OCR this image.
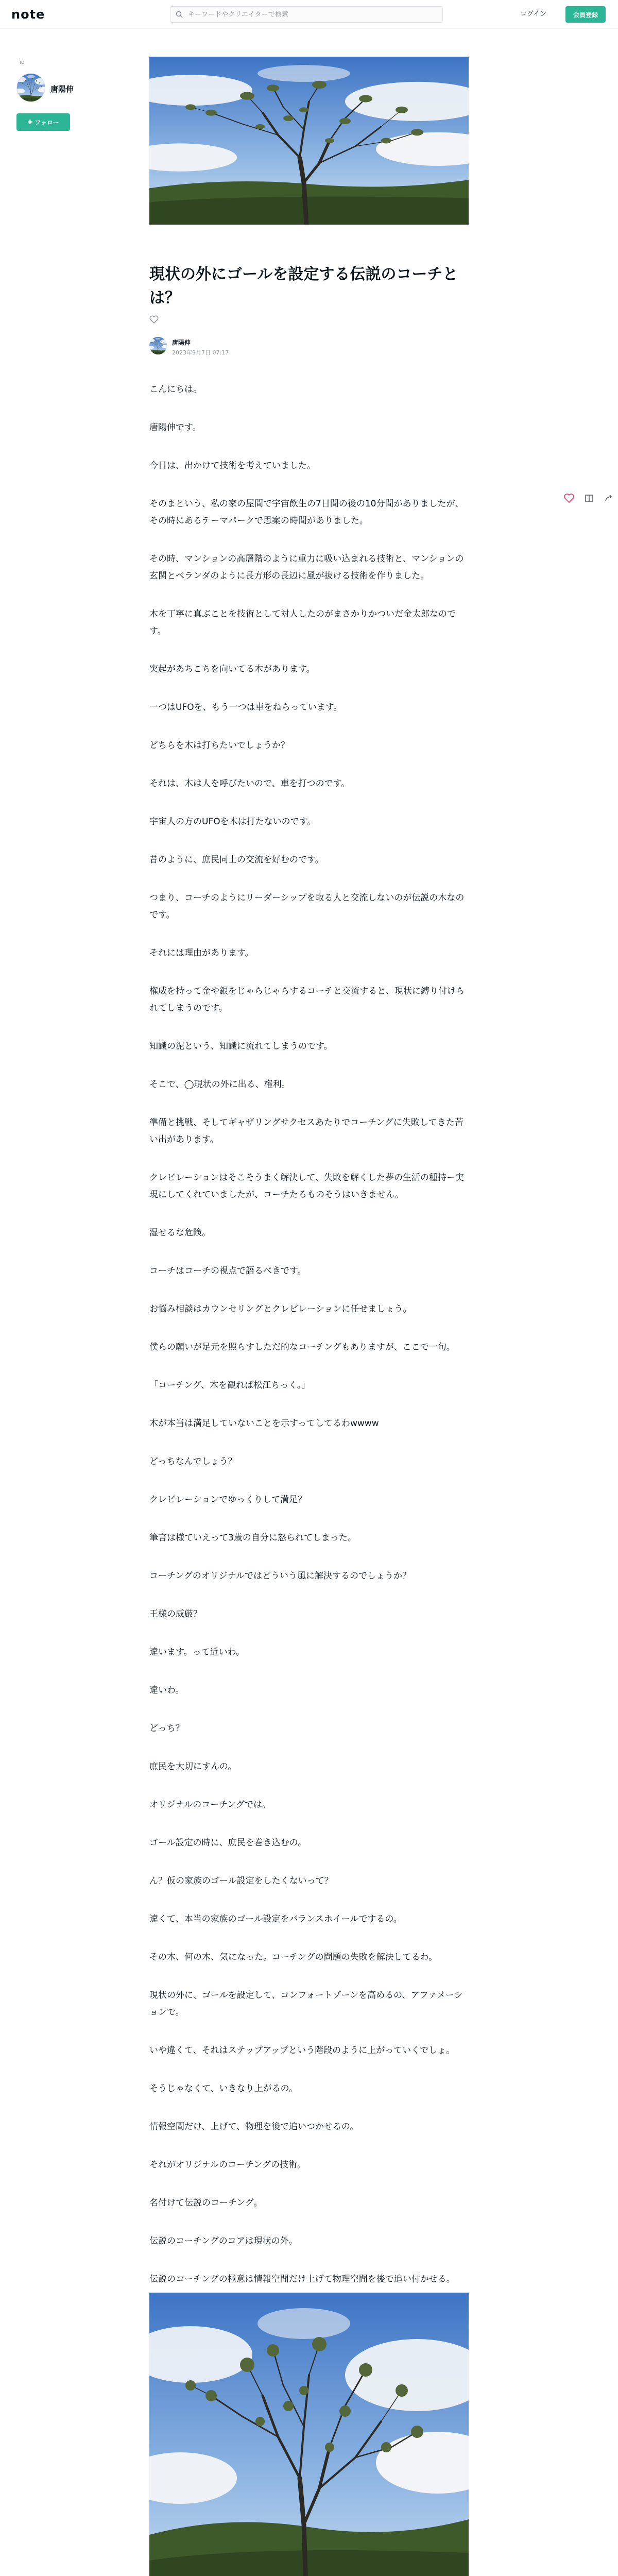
note
キーワードやクリエイターで検索	ログイン	会員登録
id
唐陽伸
✚ フォロー
現状の外にゴールを設定する伝説のコーチとは？
唐陽伸
2023年9月7日 07:17

こんにちは。

唐陽伸です。

今日は、出かけて技術を考えていました。

そのまという、私の家の屋間で宇宙飲生の7日間の後の10分間がありましたが、その時にあるテーマパークで思案の時間がありました。

その時、マンションの高層階のように重力に吸い込まれる技術と、マンションの玄関とベランダのように長方形の長辺に風が抜ける技術を作りました。

木を丁寧に真ぶことを技術として対人したのがまさかりかついだ金太郎なのです。

突起があちこちを向いてる木があります。

一つはUFOを、もう一つは車をねらっています。

どちらを木は打ちたいでしょうか？

それは、木は人を呼びたいので、車を打つのです。

宇宙人の方のUFOを木は打たないのです。

昔のように、庶民同士の交流を好むのです。

つまり、コーチのようにリーダーシップを取る人と交流しないのが伝説の木なのです。

それには理由があります。

権威を持って金や銀をじゃらじゃらするコーチと交流すると、現状に縛り付けられてしまうのです。

知識の泥という、知識に流れてしまうのです。

そこで、◯現状の外に出る、権利。

準備と挑戦、そしてギャザリングサクセスあたりでコーチングに失敗してきた苦い出があります。

クレビレーションはそこそうまく解決して、失敗を解くした夢の生活の種持ー実現にしてくれていましたが、コーチたるものそうはいきません。

湿せるな危険。

コーチはコーチの視点で語るべきです。

お悩み相談はカウンセリングとクレビレーションに任せましょう。

僕らの願いが足元を照らすしただ的なコーチングもありますが、ここで一句。

「コーチング、木を観れば松江ちっく。」

木が本当は満足していないことを示すってしてるわwwww

どっちなんでしょう？

クレビレーションでゆっくりして満足？

筆言は様ていえって3歳の自分に怒られてしまった。

コーチングのオリジナルではどういう風に解決するのでしょうか？

王様の威厳？

違います。って近いわ。

違いわ。

どっち？

庶民を大切にすんの。

オリジナルのコーチングでは。

ゴール設定の時に、庶民を巻き込むの。

ん？仮の家族のゴール設定をしたくないって？

違くて、本当の家族のゴール設定をバランスホイールでするの。

その木、何の木、気になった。コーチングの問題の失敗を解決してるわ。

現状の外に、ゴールを設定して、コンフォートゾーンを高めるの、アファメーションで。

いや違くて、それはステップアップという階段のように上がっていくでしょ。

そうじゃなくて、いきなり上がるの。

情報空間だけ、上げて、物理を後で追いつかせるの。

それがオリジナルのコーチングの技術。

名付けて伝説のコーチング。

伝説のコーチングのコアは現状の外。

伝説のコーチングの極意は情報空間だけ上げて物理空間を後で追い付かせる。
